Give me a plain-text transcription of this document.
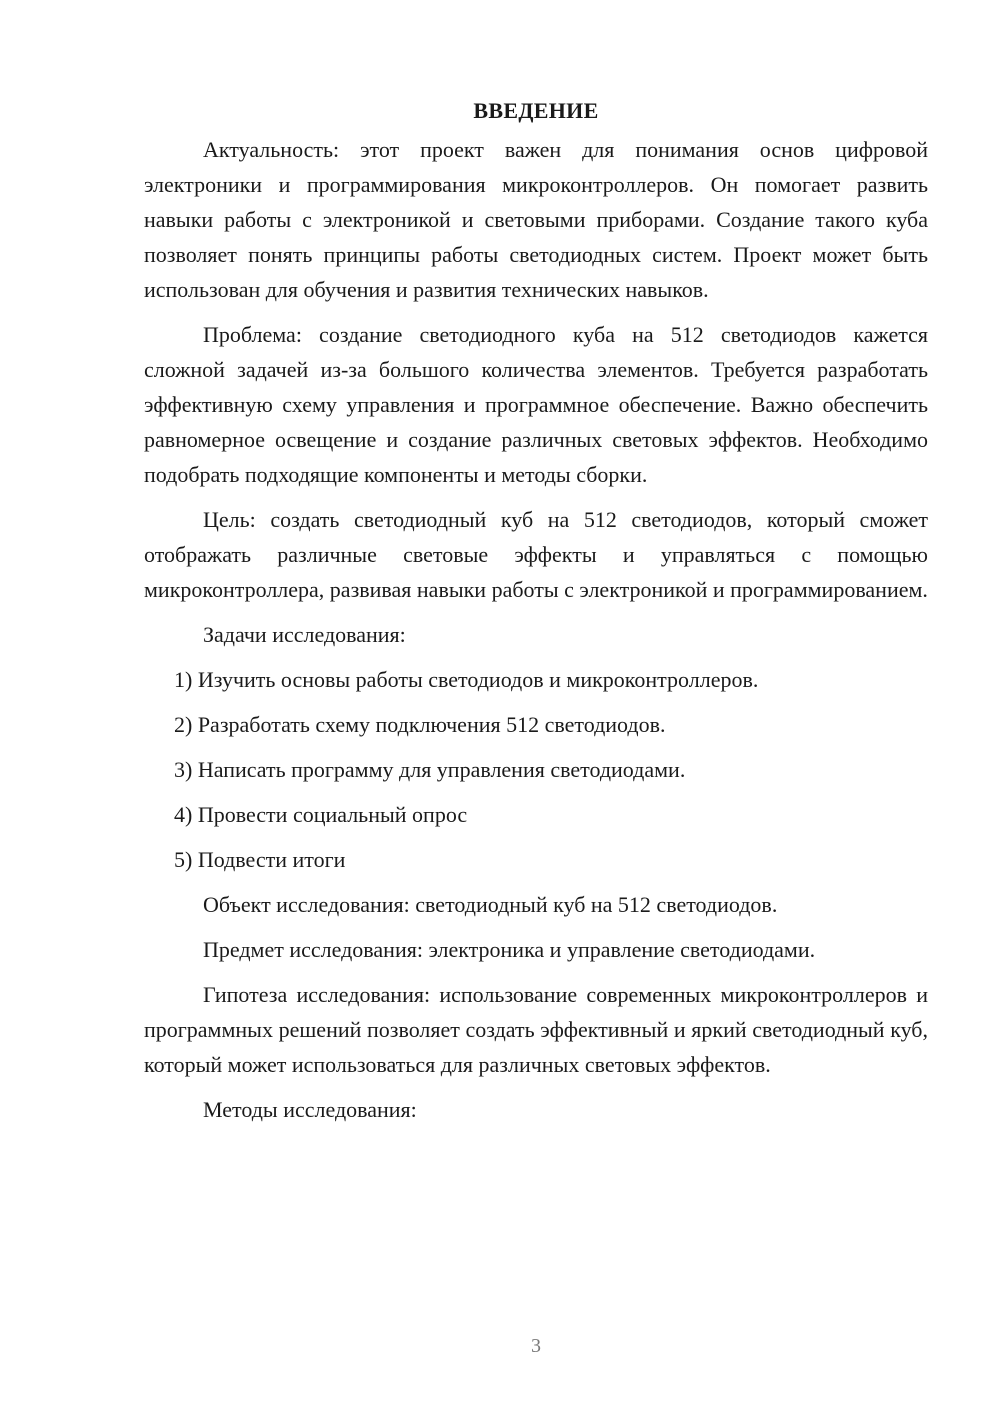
ВВЕДЕНИЕ

Актуальность: этот проект важен для понимания основ цифровой электроники и программирования микроконтроллеров. Он помогает развить навыки работы с электроникой и световыми приборами. Создание такого куба позволяет понять принципы работы светодиодных систем. Проект может быть использован для обучения и развития технических навыков.

Проблема: создание светодиодного куба на 512 светодиодов кажется сложной задачей из-за большого количества элементов. Требуется разработать эффективную схему управления и программное обеспечение. Важно обеспечить равномерное освещение и создание различных световых эффектов. Необходимо подобрать подходящие компоненты и методы сборки.

Цель: создать светодиодный куб на 512 светодиодов, который сможет отображать различные световые эффекты и управляться с помощью микроконтроллера, развивая навыки работы с электроникой и программированием.

Задачи исследования:

1) Изучить основы работы светодиодов и микроконтроллеров.

2) Разработать схему подключения 512 светодиодов.

3) Написать программу для управления светодиодами.

4) Провести социальный опрос

5) Подвести итоги

Объект исследования: светодиодный куб на 512 светодиодов.

Предмет исследования: электроника и управление светодиодами.

Гипотеза исследования: использование современных микроконтроллеров и программных решений позволяет создать эффективный и яркий светодиодный куб, который может использоваться для различных световых эффектов.

Методы исследования:

3
